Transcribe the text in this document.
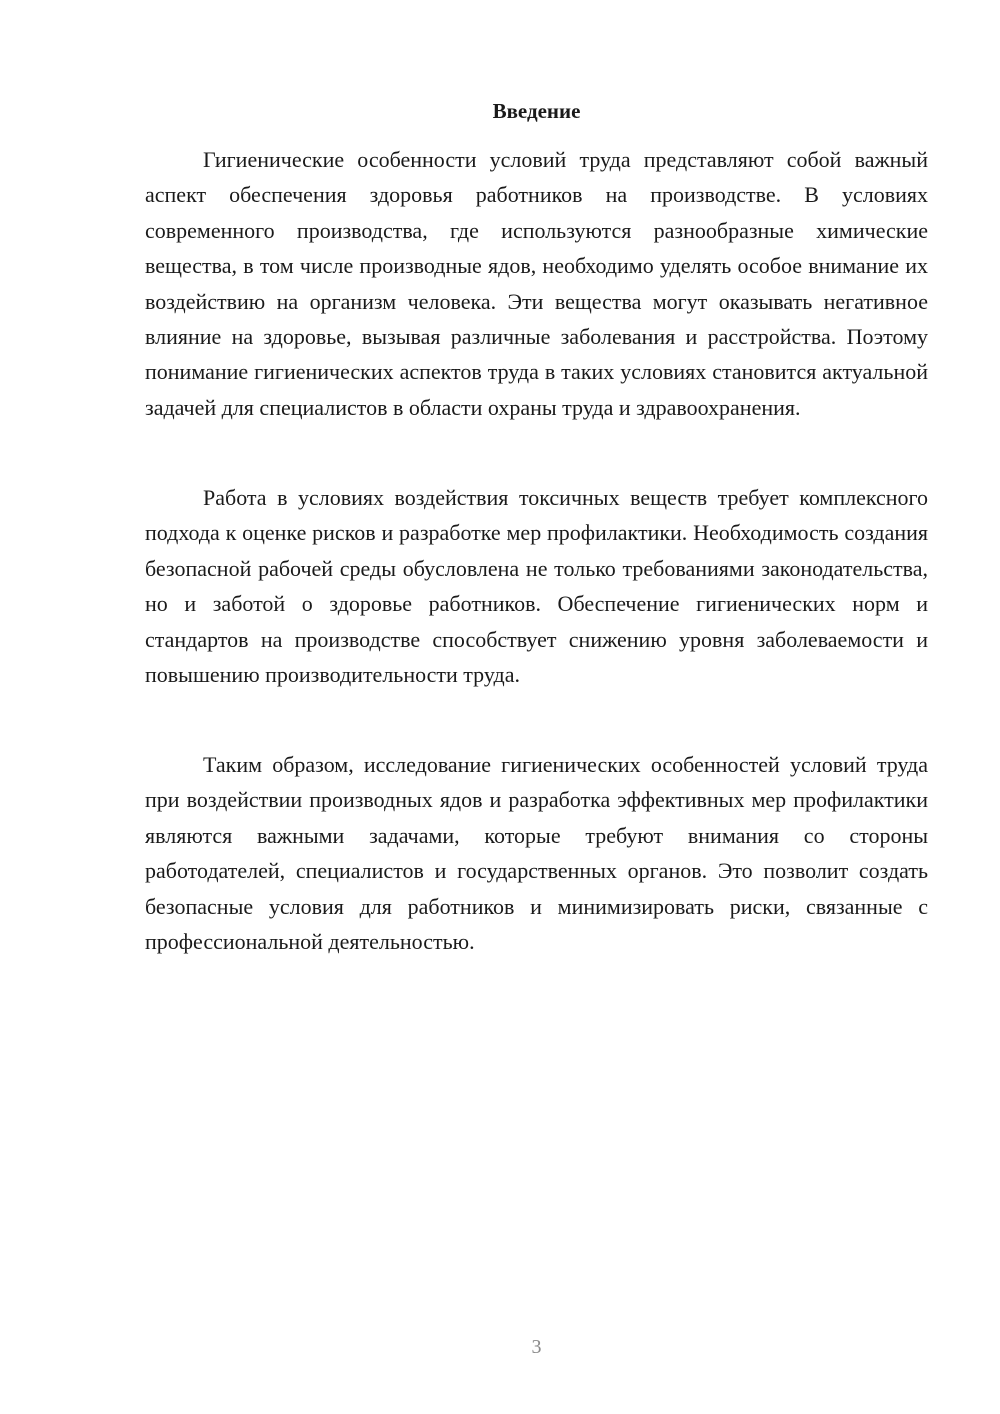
Введение

Гигиенические особенности условий труда представляют собой важный аспект обеспечения здоровья работников на производстве. В условиях современного производства, где используются разнообразные химические вещества, в том числе производные ядов, необходимо уделять особое внимание их воздействию на организм человека. Эти вещества могут оказывать негативное влияние на здоровье, вызывая различные заболевания и расстройства. Поэтому понимание гигиенических аспектов труда в таких условиях становится актуальной задачей для специалистов в области охраны труда и здравоохранения.

Работа в условиях воздействия токсичных веществ требует комплексного подхода к оценке рисков и разработке мер профилактики. Необходимость создания безопасной рабочей среды обусловлена не только требованиями законодательства, но и заботой о здоровье работников. Обеспечение гигиенических норм и стандартов на производстве способствует снижению уровня заболеваемости и повышению производительности труда.

Таким образом, исследование гигиенических особенностей условий труда при воздействии производных ядов и разработка эффективных мер профилактики являются важными задачами, которые требуют внимания со стороны работодателей, специалистов и государственных органов. Это позволит создать безопасные условия для работников и минимизировать риски, связанные с профессиональной деятельностью.

3
